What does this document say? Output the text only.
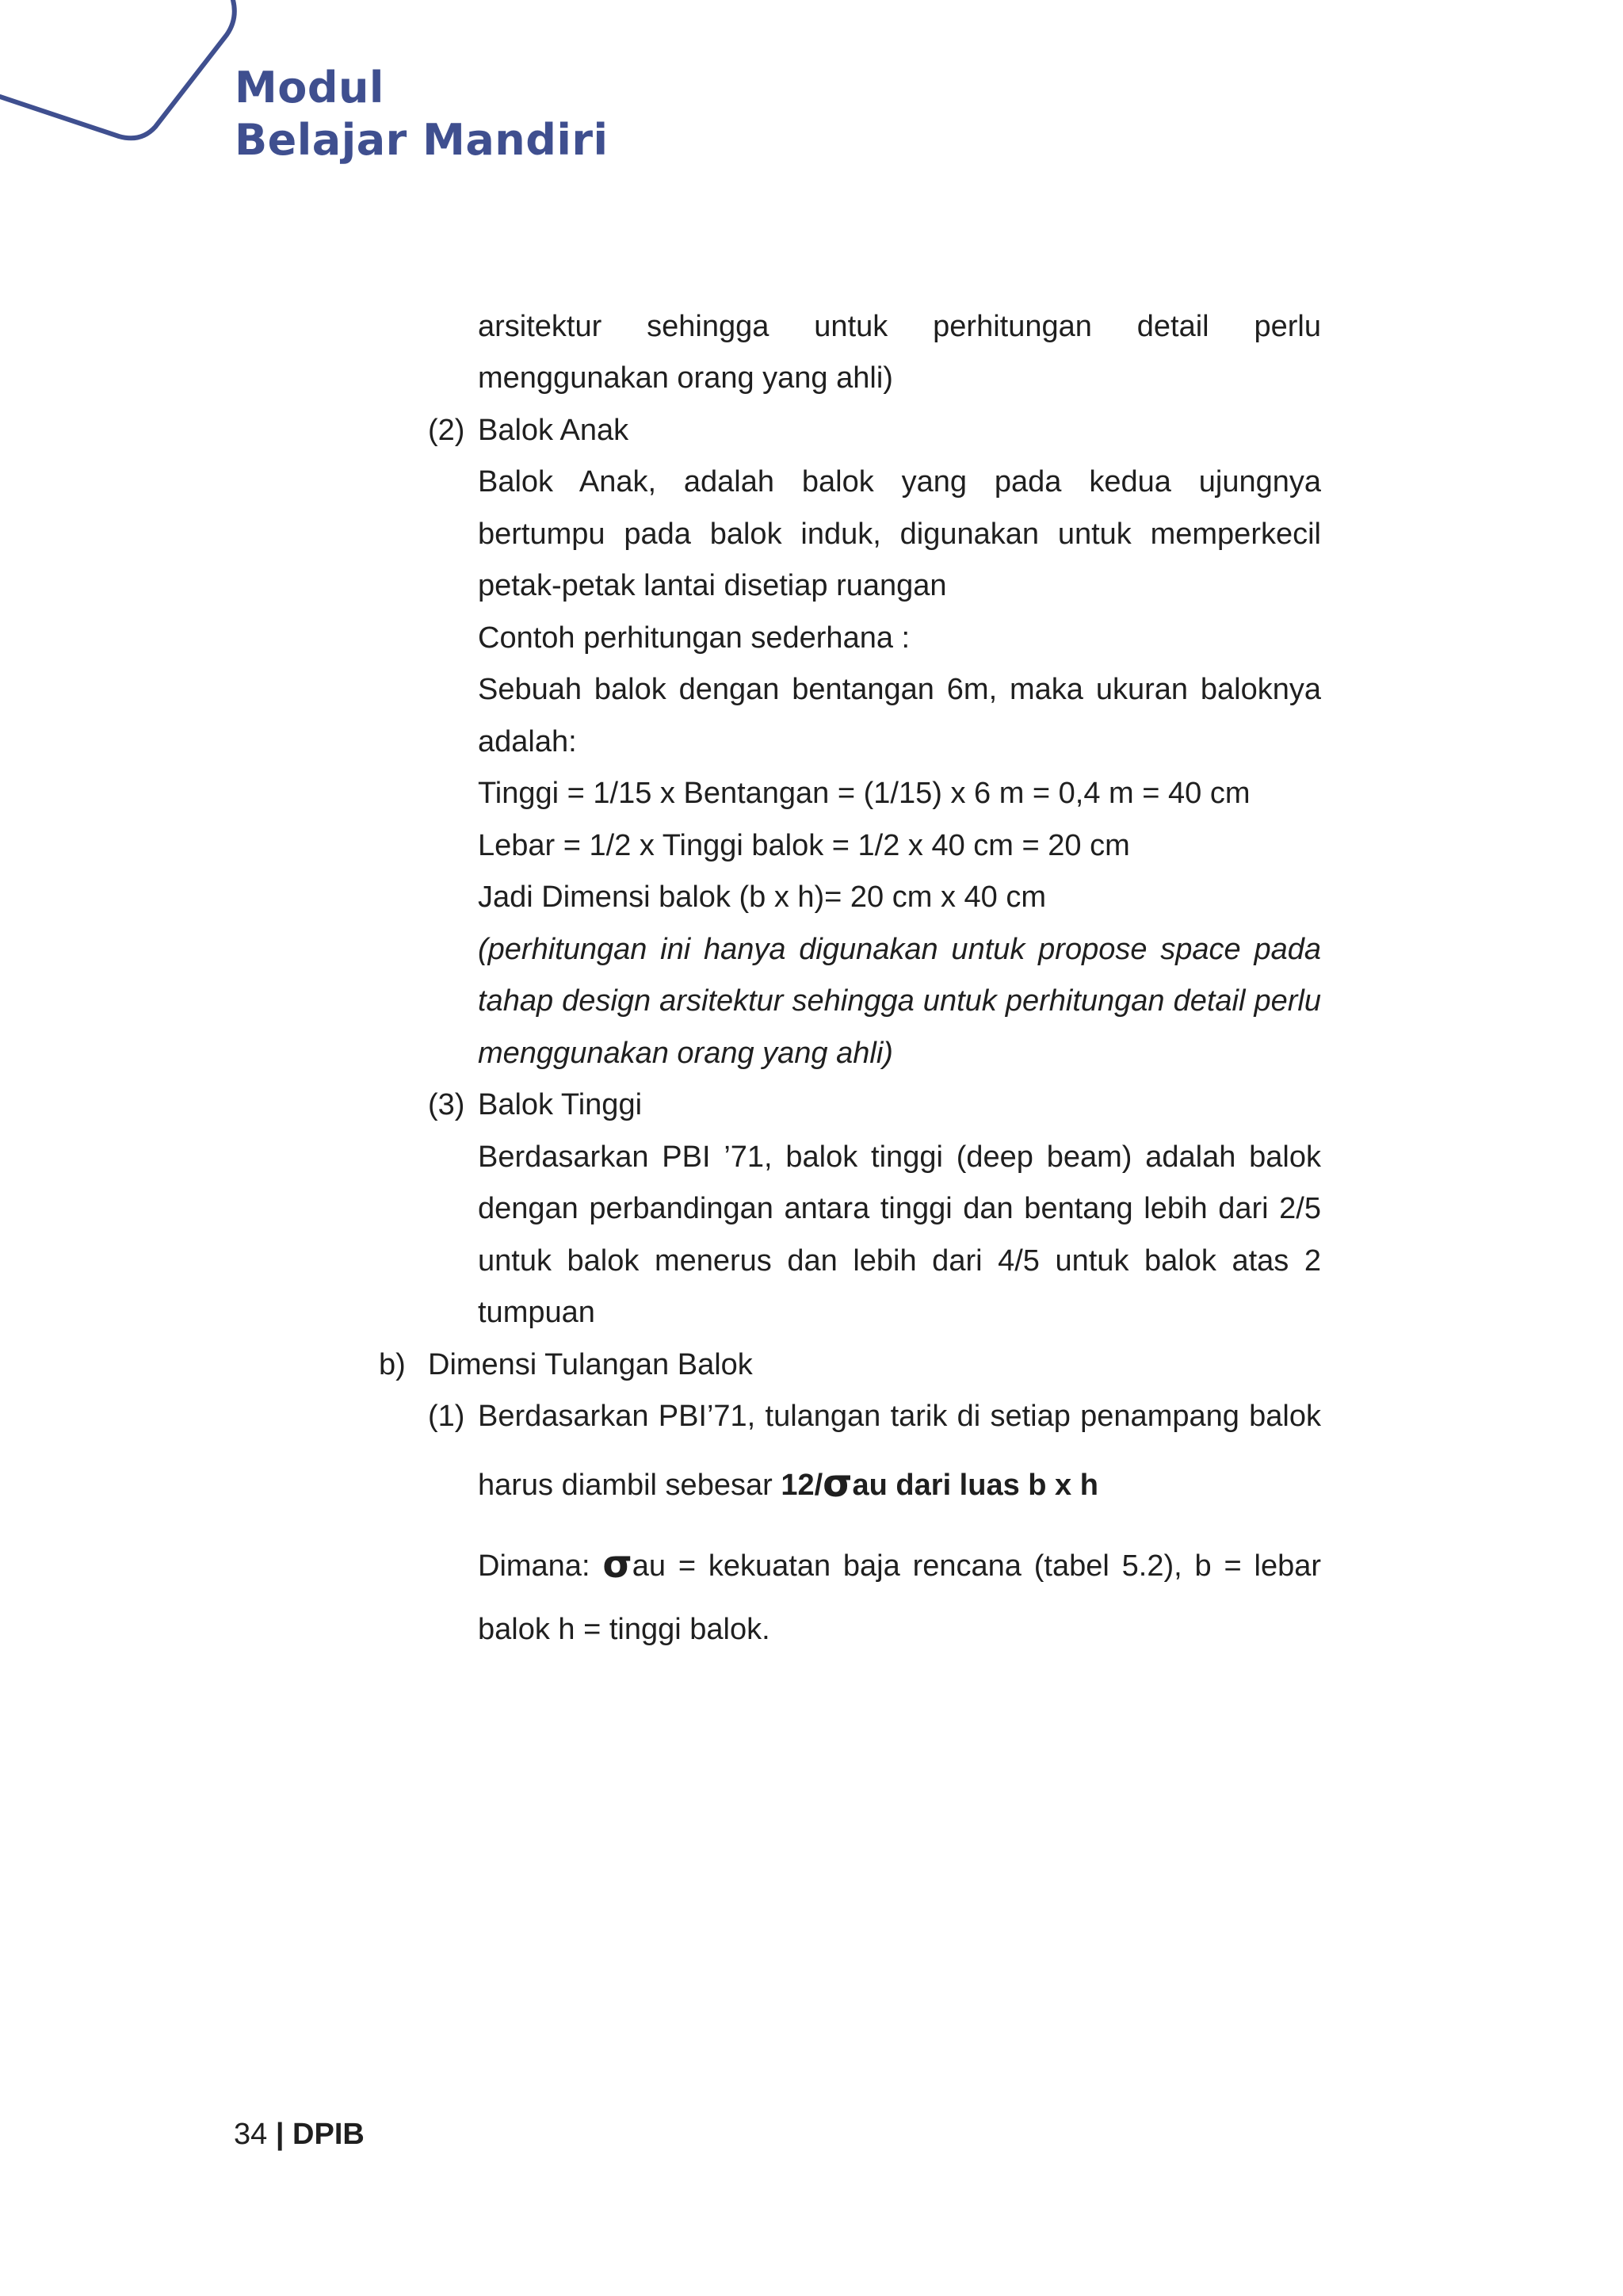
Modul
Belajar Mandiri
arsitektur sehingga untuk perhitungan detail perlu
menggunakan orang yang ahli)
(2) Balok Anak
Balok Anak, adalah balok yang pada kedua ujungnya
bertumpu pada balok induk, digunakan untuk memperkecil
petak-petak lantai disetiap ruangan
Contoh perhitungan sederhana :
Sebuah balok dengan bentangan 6m, maka ukuran baloknya
adalah:
Tinggi = 1/15 x Bentangan = (1/15) x 6 m = 0,4 m = 40 cm
Lebar = 1/2 x Tinggi balok = 1/2 x 40 cm = 20 cm
Jadi Dimensi balok (b x h)= 20 cm x 40 cm
(perhitungan ini hanya digunakan untuk propose space pada
tahap design arsitektur sehingga untuk perhitungan detail perlu
menggunakan orang yang ahli)
(3) Balok Tinggi
Berdasarkan PBI ’71, balok tinggi (deep beam) adalah balok
dengan perbandingan antara tinggi dan bentang lebih dari 2/5
untuk balok menerus dan lebih dari 4/5 untuk balok atas 2
tumpuan
b) Dimensi Tulangan Balok
(1) Berdasarkan PBI’71, tulangan tarik di setiap penampang balok
harus diambil sebesar 12/σau dari luas b x h
Dimana: σau = kekuatan baja rencana (tabel 5.2), b = lebar
balok h = tinggi balok.
34 | DPIB
